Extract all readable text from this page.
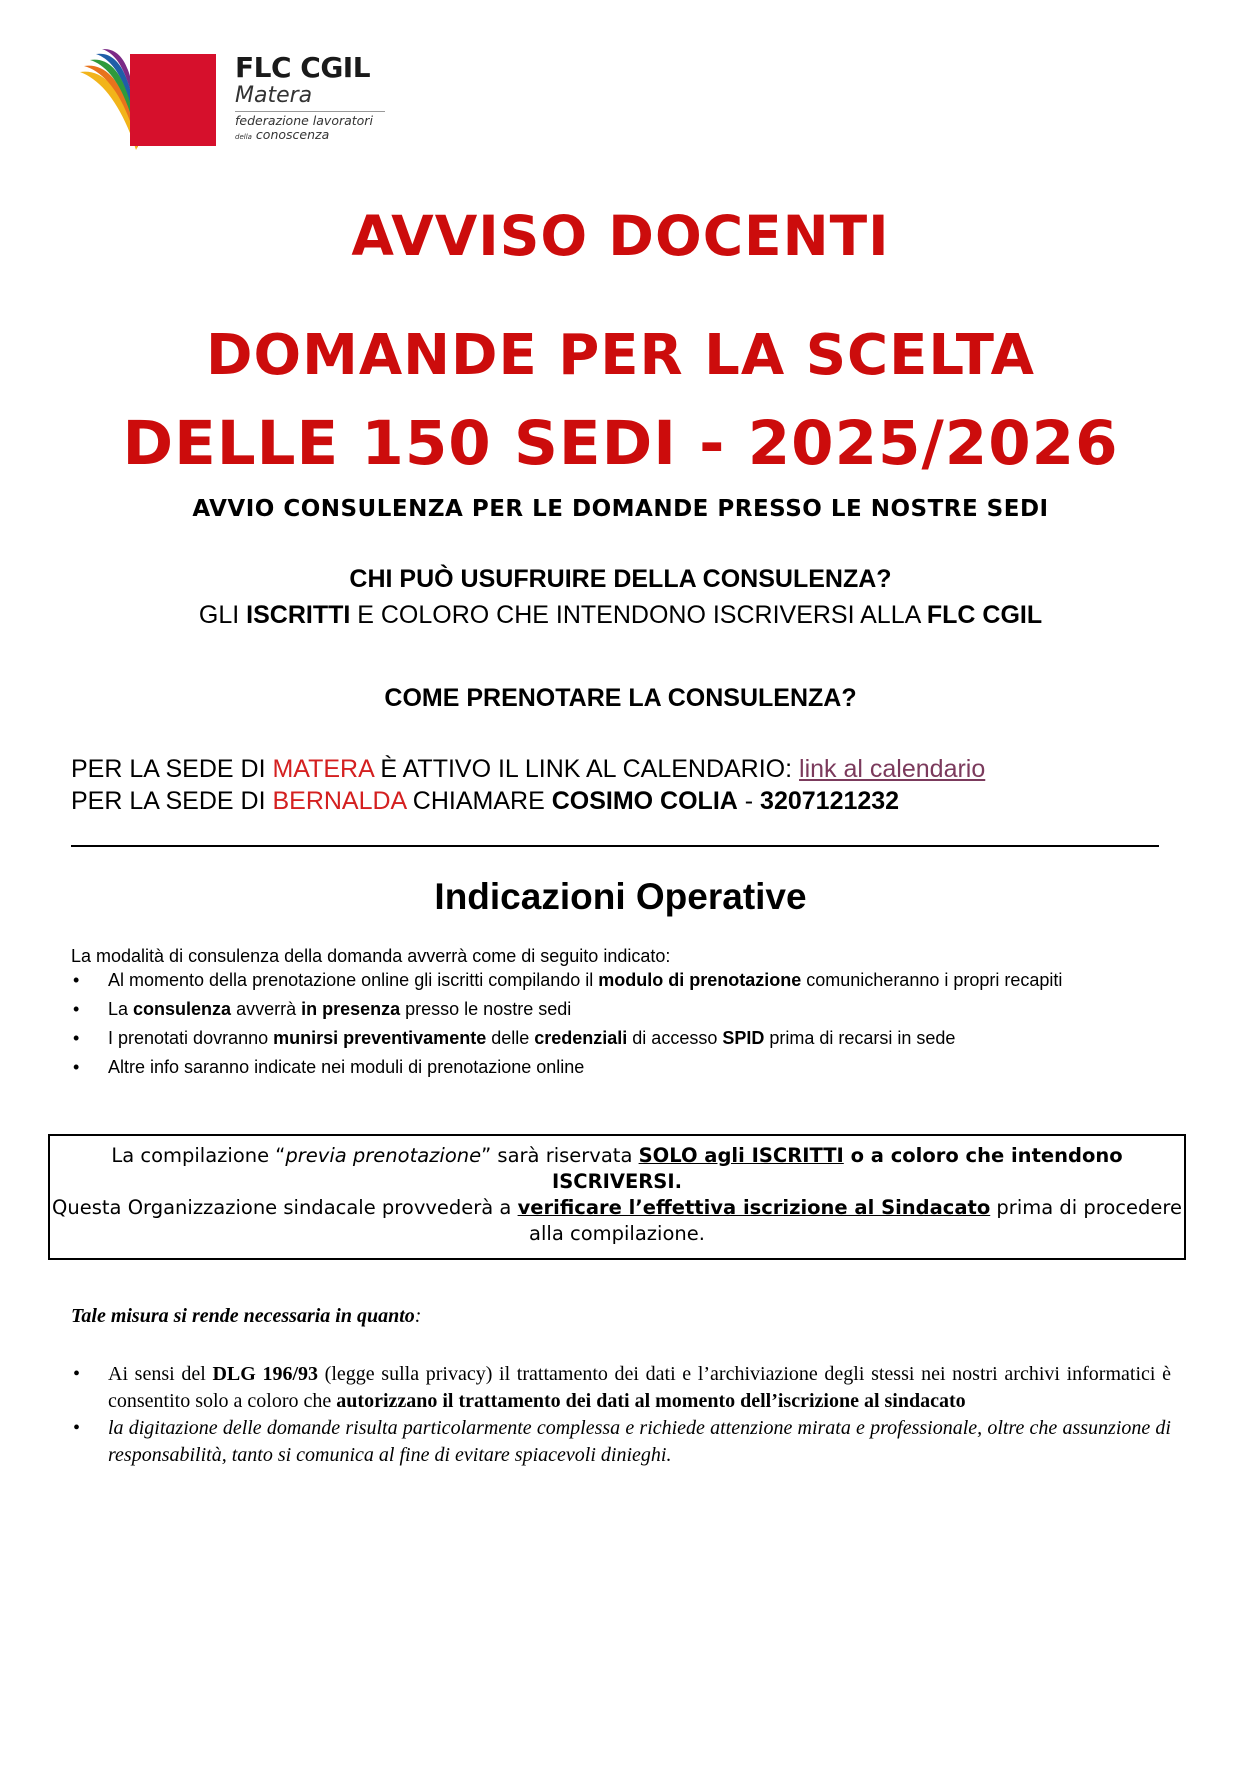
FLC CGIL
Matera
federazione lavoratori
della conoscenza
AVVISO DOCENTI
DOMANDE PER LA SCELTA
DELLE 150 SEDI - 2025/2026

AVVIO CONSULENZA PER LE DOMANDE PRESSO LE NOSTRE SEDI

CHI PUÒ USUFRUIRE DELLA CONSULENZA?

GLI ISCRITTI E COLORO CHE INTENDONO ISCRIVERSI ALLA FLC CGIL

COME PRENOTARE LA CONSULENZA?

PER LA SEDE DI MATERA È ATTIVO IL LINK AL CALENDARIO: link al calendario
PER LA SEDE DI BERNALDA CHIAMARE COSIMO COLIA - 3207121232
Indicazioni Operative

La modalità di consulenza della domanda avverrà come di seguito indicato:

• Al momento della prenotazione online gli iscritti compilando il modulo di prenotazione comunicheranno i propri recapiti
• La consulenza avverrà in presenza presso le nostre sedi
• I prenotati dovranno munirsi preventivamente delle credenziali di accesso SPID prima di recarsi in sede
• Altre info saranno indicate nei moduli di prenotazione online
La compilazione “previa prenotazione” sarà riservata SOLO agli ISCRITTI o a coloro che intendono ISCRIVERSI.
Questa Organizzazione sindacale provvederà a verificare l’effettiva iscrizione al Sindacato prima di procedere alla compilazione.

Tale misura si rende necessaria in quanto:

• Ai sensi del DLG 196/93 (legge sulla privacy) il trattamento dei dati e l’archiviazione degli stessi nei nostri archivi informatici è consentito solo a coloro che autorizzano il trattamento dei dati al momento dell’iscrizione al sindacato
• la digitazione delle domande risulta particolarmente complessa e richiede attenzione mirata e professionale, oltre che assunzione di responsabilità, tanto si comunica al fine di evitare spiacevoli dinieghi.
